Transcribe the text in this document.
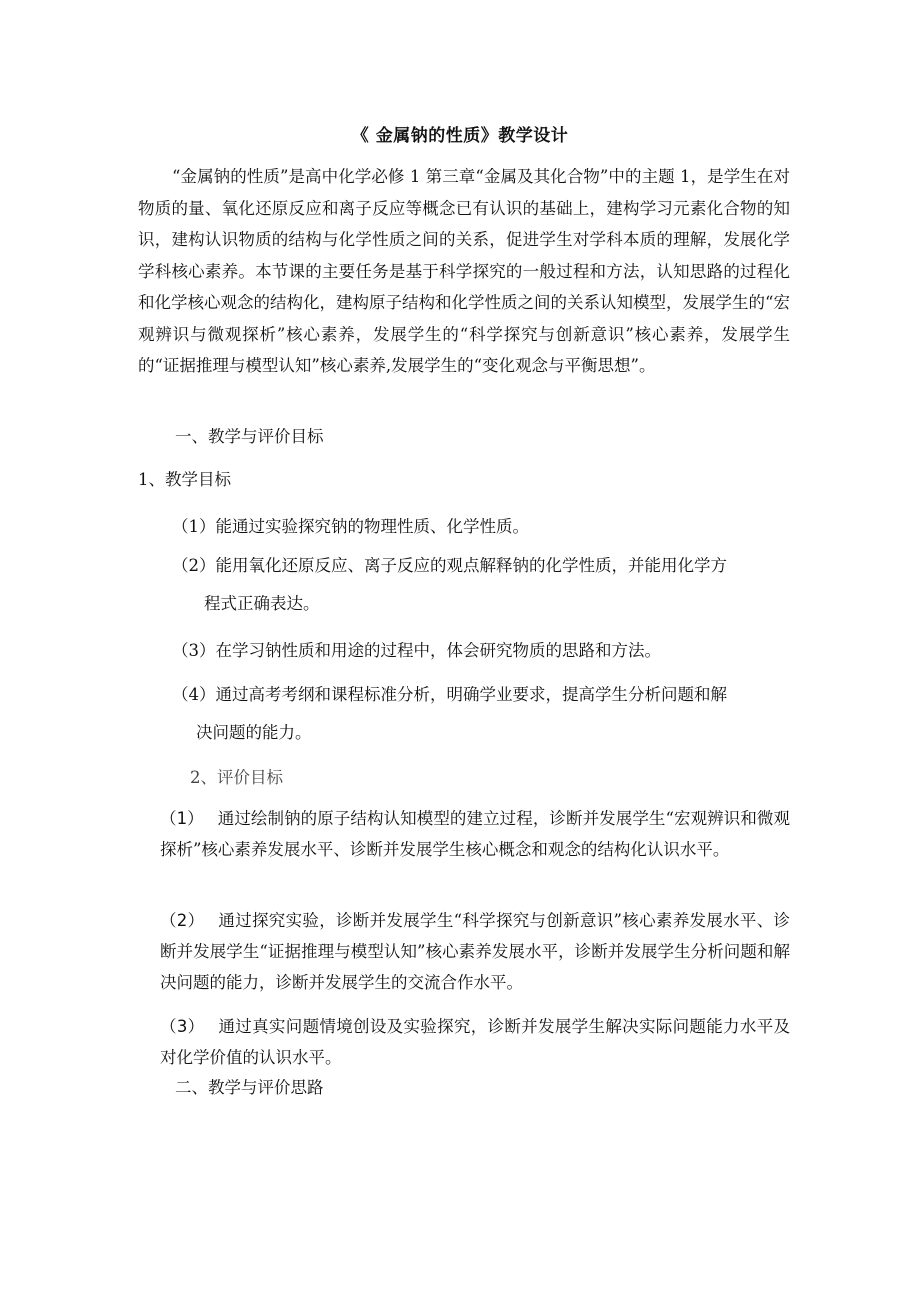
《 金属钠的性质》教学设计
“金属钠的性质”是高中化学必修 1 第三章“金属及其化合物”中的主题 1，是学生在对物质的量、氧化还原反应和离子反应等概念已有认识的基础上，建构学习元素化合物的知识，建构认识物质的结构与化学性质之间的关系，促进学生对学科本质的理解，发展化学学科核心素养。本节课的主要任务是基于科学探究的一般过程和方法，认知思路的过程化和化学核心观念的结构化，建构原子结构和化学性质之间的关系认知模型，发展学生的“宏观辨识与微观探析”核心素养，发展学生的“科学探究与创新意识”核心素养，发展学生的“证据推理与模型认知”核心素养,发展学生的“变化观念与平衡思想”。
一、教学与评价目标
1、教学目标
（1）能通过实验探究钠的物理性质、化学性质。
（2）能用氧化还原反应、离子反应的观点解释钠的化学性质，并能用化学方
程式正确表达。
（3）在学习钠性质和用途的过程中，体会研究物质的思路和方法。
（4）通过高考考纲和课程标准分析，明确学业要求，提高学生分析问题和解
决问题的能力。
2、评价目标
（1） 通过绘制钠的原子结构认知模型的建立过程，诊断并发展学生“宏观辨识和微观探析”核心素养发展水平、诊断并发展学生核心概念和观念的结构化认识水平。
（2） 通过探究实验，诊断并发展学生“科学探究与创新意识”核心素养发展水平、诊断并发展学生“证据推理与模型认知”核心素养发展水平，诊断并发展学生分析问题和解决问题的能力，诊断并发展学生的交流合作水平。
（3） 通过真实问题情境创设及实验探究，诊断并发展学生解决实际问题能力水平及对化学价值的认识水平。
二、教学与评价思路
